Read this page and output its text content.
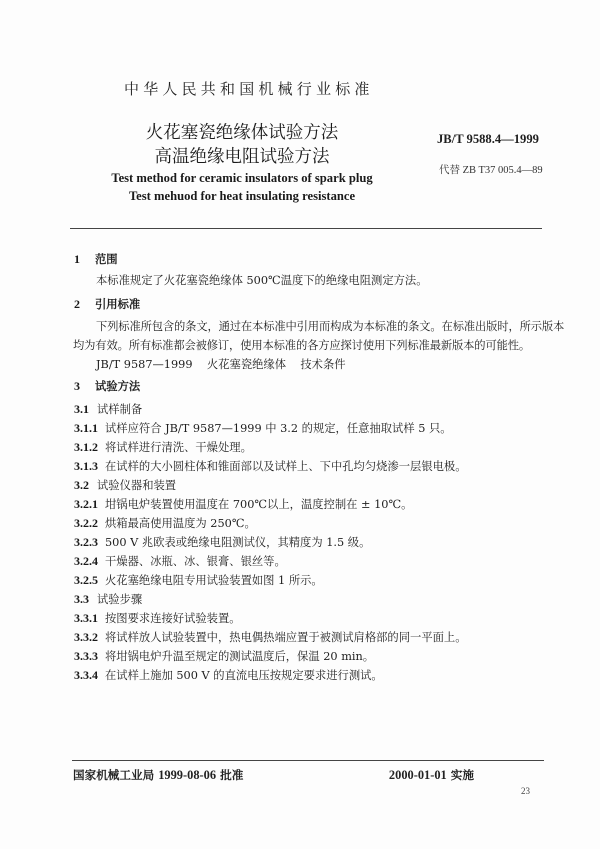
中华人民共和国机械行业标准
火花塞瓷绝缘体试验方法
高温绝缘电阻试验方法
Test method for ceramic insulators of spark plug
Test mehuod for heat insulating resistance
JB/T 9588.4—1999
代替 ZB T37 005.4—89
1 范围
本标准规定了火花塞瓷绝缘体 500℃温度下的绝缘电阻测定方法。
2 引用标准
下列标准所包含的条文，通过在本标准中引用而构成为本标准的条文。在标准出版时，所示版本
均为有效。所有标准都会被修订，使用本标准的各方应探讨使用下列标准最新版本的可能性。
JB/T 9587—1999    火花塞瓷绝缘体    技术条件
3 试验方法
3.1 试样制备
3.1.1 试样应符合 JB/T 9587—1999 中 3.2 的规定，任意抽取试样 5 只。
3.1.2 将试样进行清洗、干燥处理。
3.1.3 在试样的大小圆柱体和锥面部以及试样上、下中孔均匀烧渗一层银电极。
3.2 试验仪器和装置
3.2.1 坩锅电炉装置使用温度在 700℃以上，温度控制在 ± 10℃。
3.2.2 烘箱最高使用温度为 250℃。
3.2.3 500 V 兆欧表或绝缘电阻测试仪，其精度为 1.5 级。
3.2.4 干燥器、冰瓶、冰、银膏、银丝等。
3.2.5 火花塞绝缘电阻专用试验装置如图 1 所示。
3.3 试验步骤
3.3.1 按图要求连接好试验装置。
3.3.2 将试样放人试验装置中，热电偶热端应置于被测试肩格部的同一平面上。
3.3.3 将坩锅电炉升温至规定的测试温度后，保温 20 min。
3.3.4 在试样上施加 500 V 的直流电压按规定要求进行测试。
国家机械工业局 1999-08-06 批准	2000-01-01 实施
23
